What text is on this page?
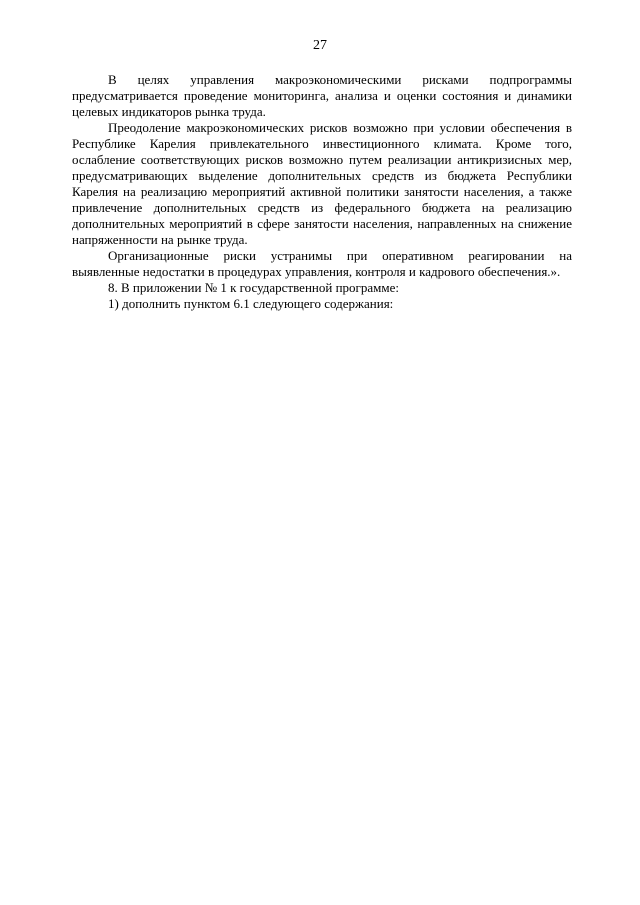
27

В целях управления макроэкономическими рисками подпрограммы предусматривается проведение мониторинга, анализа и оценки состояния и динамики целевых индикаторов рынка труда.

Преодоление макроэкономических рисков возможно при условии обеспечения в Республике Карелия привлекательного инвестиционного климата. Кроме того, ослабление соответствующих рисков возможно путем реализации антикризисных мер, предусматривающих выделение дополнительных средств из бюджета Республики Карелия на реализацию мероприятий активной политики занятости населения, а также привлечение дополнительных средств из федерального бюджета на реализацию дополнительных мероприятий в сфере занятости населения, направленных на снижение напряженности на рынке труда.

Организационные риски устранимы при оперативном реагировании на выявленные недостатки в процедурах управления, контроля и кадрового обеспечения.».

8. В приложении № 1 к государственной программе:

1) дополнить пунктом 6.1 следующего содержания:
